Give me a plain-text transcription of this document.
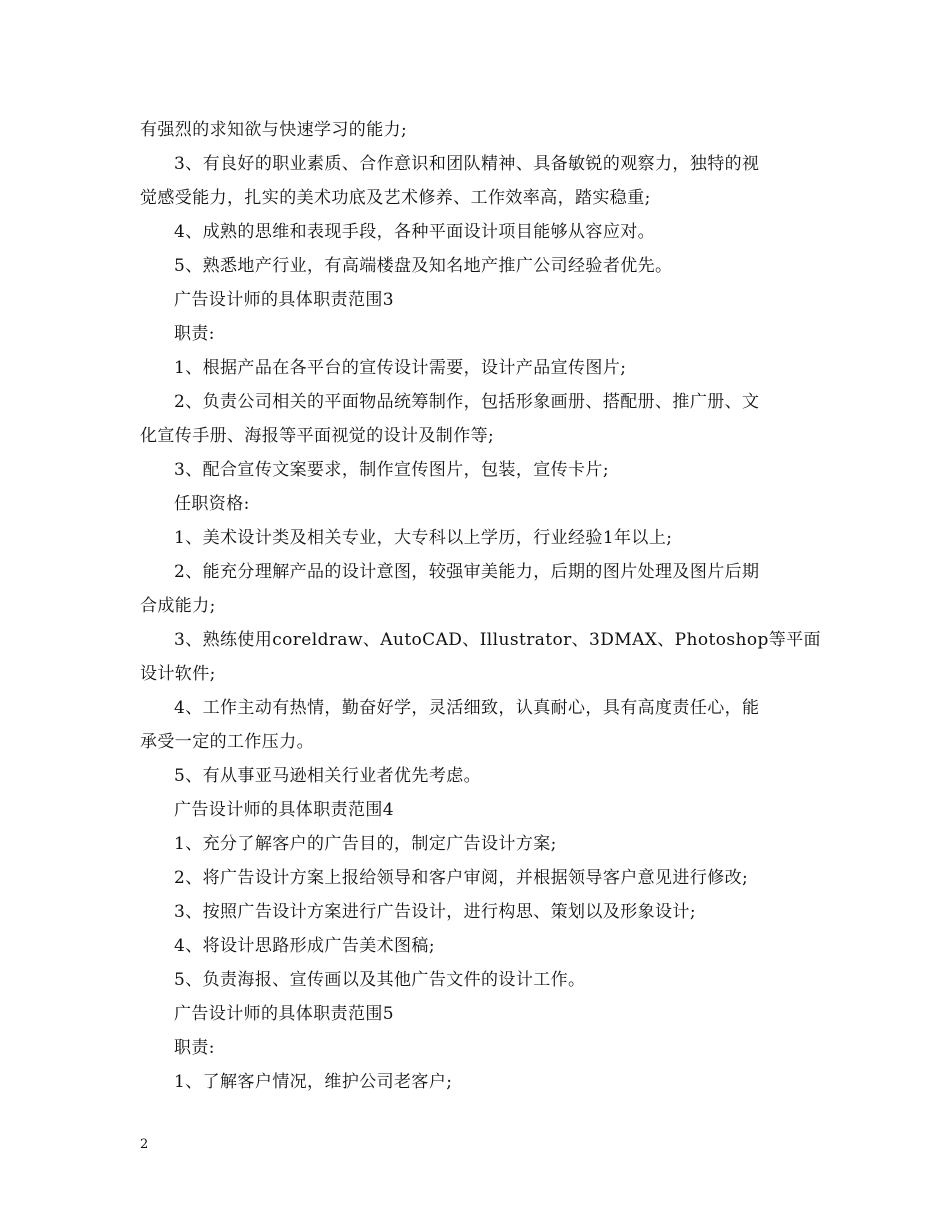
有强烈的求知欲与快速学习的能力;
3、有良好的职业素质、合作意识和团队精神、具备敏锐的观察力，独特的视
觉感受能力，扎实的美术功底及艺术修养、工作效率高，踏实稳重;
4、成熟的思维和表现手段，各种平面设计项目能够从容应对。
5、熟悉地产行业，有高端楼盘及知名地产推广公司经验者优先。
广告设计师的具体职责范围3
职责:
1、根据产品在各平台的宣传设计需要，设计产品宣传图片;
2、负责公司相关的平面物品统筹制作，包括形象画册、搭配册、推广册、文
化宣传手册、海报等平面视觉的设计及制作等;
3、配合宣传文案要求，制作宣传图片，包装，宣传卡片;
任职资格:
1、美术设计类及相关专业，大专科以上学历，行业经验1年以上;
2、能充分理解产品的设计意图，较强审美能力，后期的图片处理及图片后期
合成能力;
3、熟练使用coreldraw、AutoCAD、Illustrator、3DMAX、Photoshop等平面
设计软件;
4、工作主动有热情，勤奋好学，灵活细致，认真耐心，具有高度责任心，能
承受一定的工作压力。
5、有从事亚马逊相关行业者优先考虑。
广告设计师的具体职责范围4
1、充分了解客户的广告目的，制定广告设计方案;
2、将广告设计方案上报给领导和客户审阅，并根据领导客户意见进行修改;
3、按照广告设计方案进行广告设计，进行构思、策划以及形象设计;
4、将设计思路形成广告美术图稿;
5、负责海报、宣传画以及其他广告文件的设计工作。
广告设计师的具体职责范围5
职责:
1、了解客户情况，维护公司老客户;
2
